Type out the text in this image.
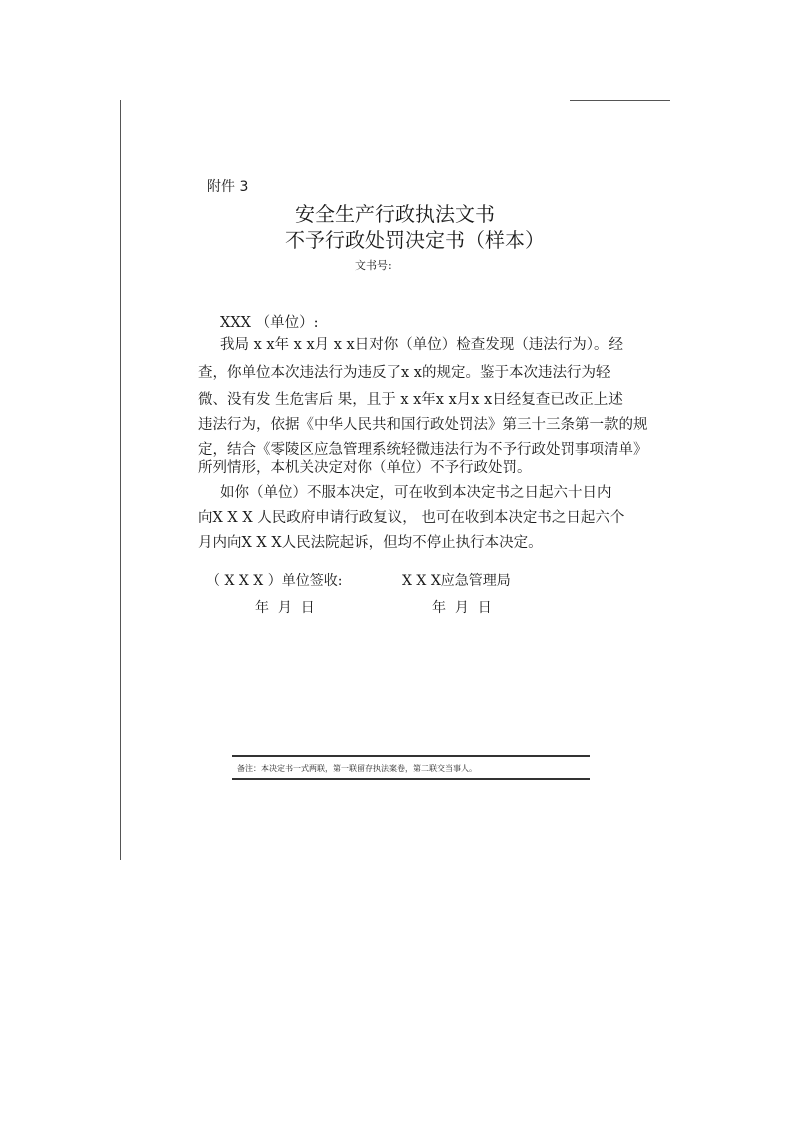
附件 3
安全生产行政执法文书
不予行政处罚决定书（样本）
文书号:
XXX （单位）:
我局 x x年 x x月 x x日对你（单位）检查发现（违法行为）。经
查，你单位本次违法行为违反了x x的规定。鉴于本次违法行为轻
微、没有发 生危害后 果，且于 x x年x x月x x日经复查已改正上述
违法行为，依据《中华人民共和国行政处罚法》第三十三条第一款的规
定，结合《零陵区应急管理系统轻微违法行为不予行政处罚事项清单》
所列情形，本机关决定对你（单位）不予行政处罚。
如你（单位）不服本决定，可在收到本决定书之日起六十日内
向X X X 人民政府申请行政复议， 也可在收到本决定书之日起六个
月内向X X X人民法院起诉，但均不停止执行本决定。
（ X X X ）单位签收:	X X X应急管理局
年  月  日	年  月  日
备注：本决定书一式两联，第一联留存执法案卷，第二联交当事人。
